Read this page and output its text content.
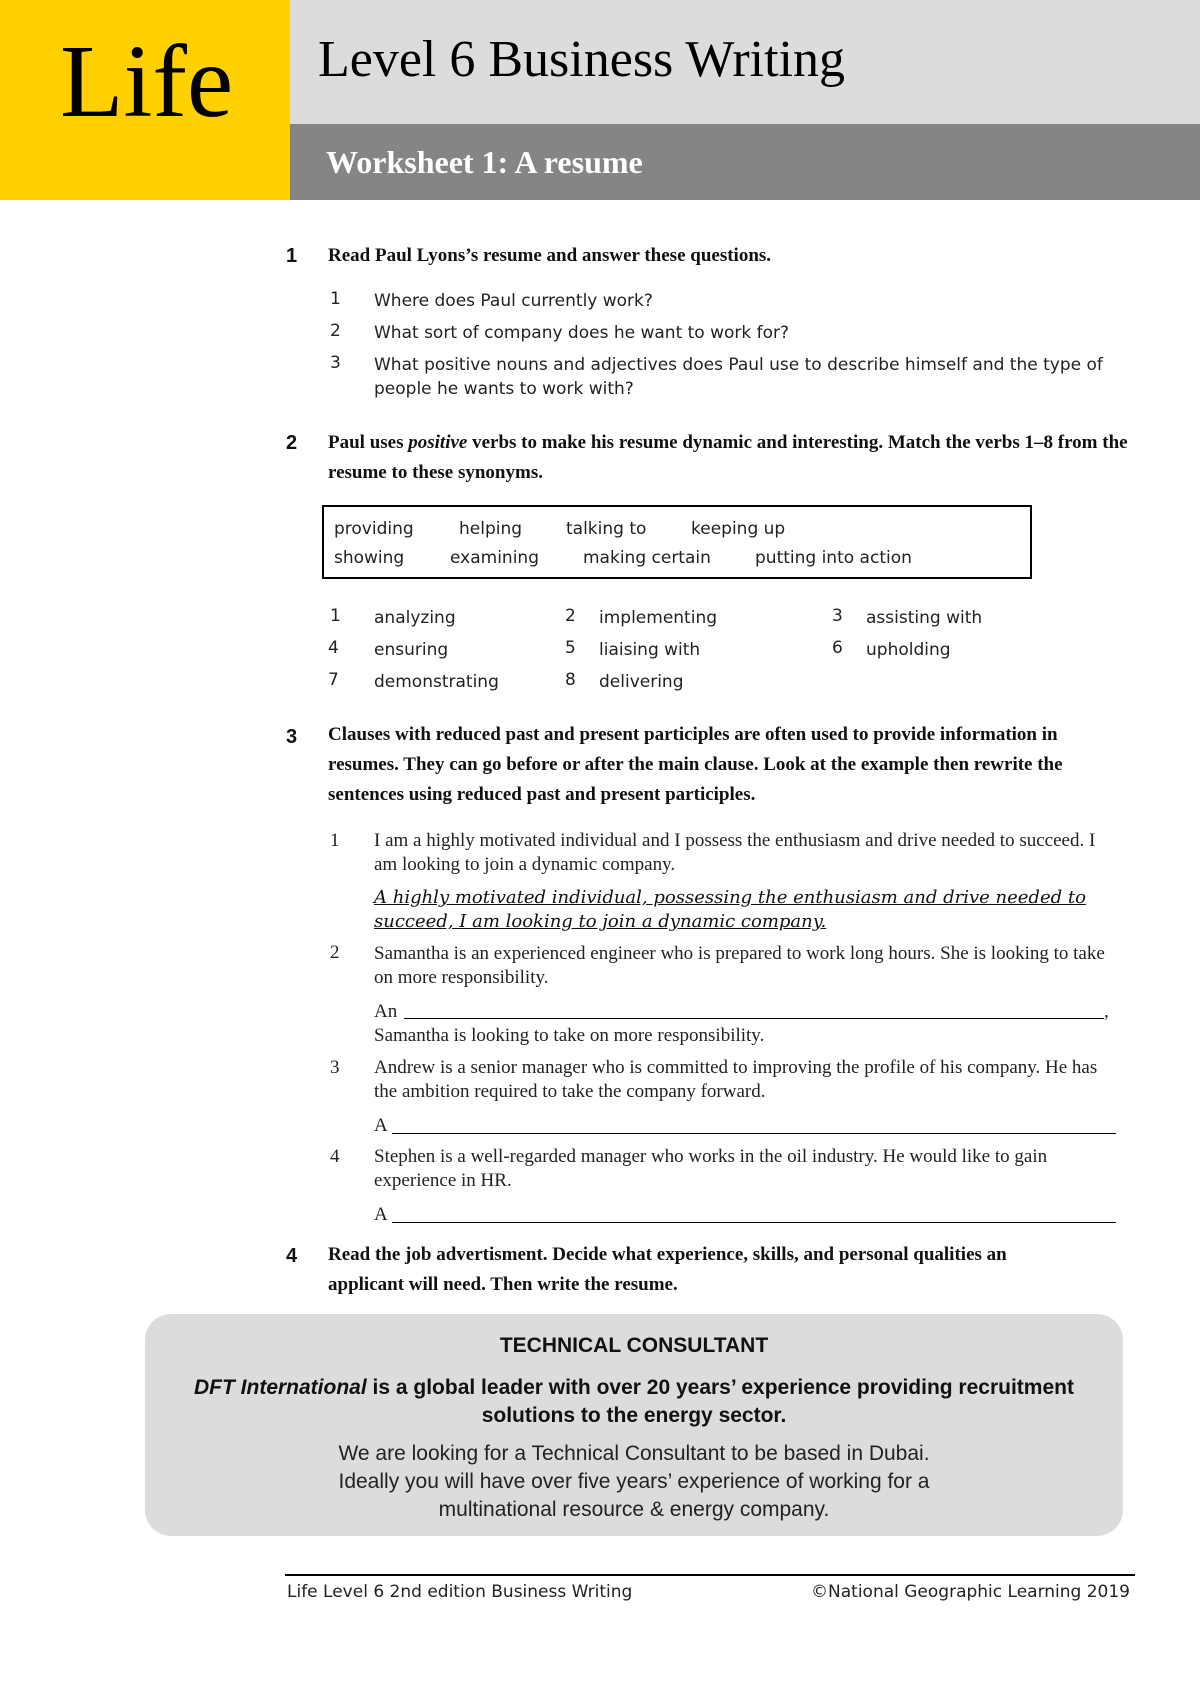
Life Level 6 Business Writing
Worksheet 1: A resume
1 Read Paul Lyons’s resume and answer these questions.
1 Where does Paul currently work?
2 What sort of company does he want to work for?
3 What positive nouns and adjectives does Paul use to describe himself and the type of people he wants to work with?
2 Paul uses positive verbs to make his resume dynamic and interesting. Match the verbs 1–8 from the resume to these synonyms.
providing	helping	talking to	keeping up
showing	examining	making certain	putting into action
1 analyzing	2 implementing	3 assisting with
4 ensuring	5 liaising with	6 upholding
7 demonstrating	8 delivering
3 Clauses with reduced past and present participles are often used to provide information in resumes. They can go before or after the main clause. Look at the example then rewrite the sentences using reduced past and present participles.
1 I am a highly motivated individual and I possess the enthusiasm and drive needed to succeed. I am looking to join a dynamic company.
A highly motivated individual, possessing the enthusiasm and drive needed to succeed, I am looking to join a dynamic company.
2 Samantha is an experienced engineer who is prepared to work long hours. She is looking to take on more responsibility.
An	,
Samantha is looking to take on more responsibility.
3 Andrew is a senior manager who is committed to improving the profile of his company. He has the ambition required to take the company forward.
A
4 Stephen is a well-regarded manager who works in the oil industry. He would like to gain experience in HR.
A
4 Read the job advertisment. Decide what experience, skills, and personal qualities an applicant will need. Then write the resume.
TECHNICAL CONSULTANT
DFT International is a global leader with over 20 years’ experience providing recruitment solutions to the energy sector.
We are looking for a Technical Consultant to be based in Dubai.
Ideally you will have over five years’ experience of working for a
multinational resource & energy company.
Life Level 6 2nd edition Business Writing	©National Geographic Learning 2019
